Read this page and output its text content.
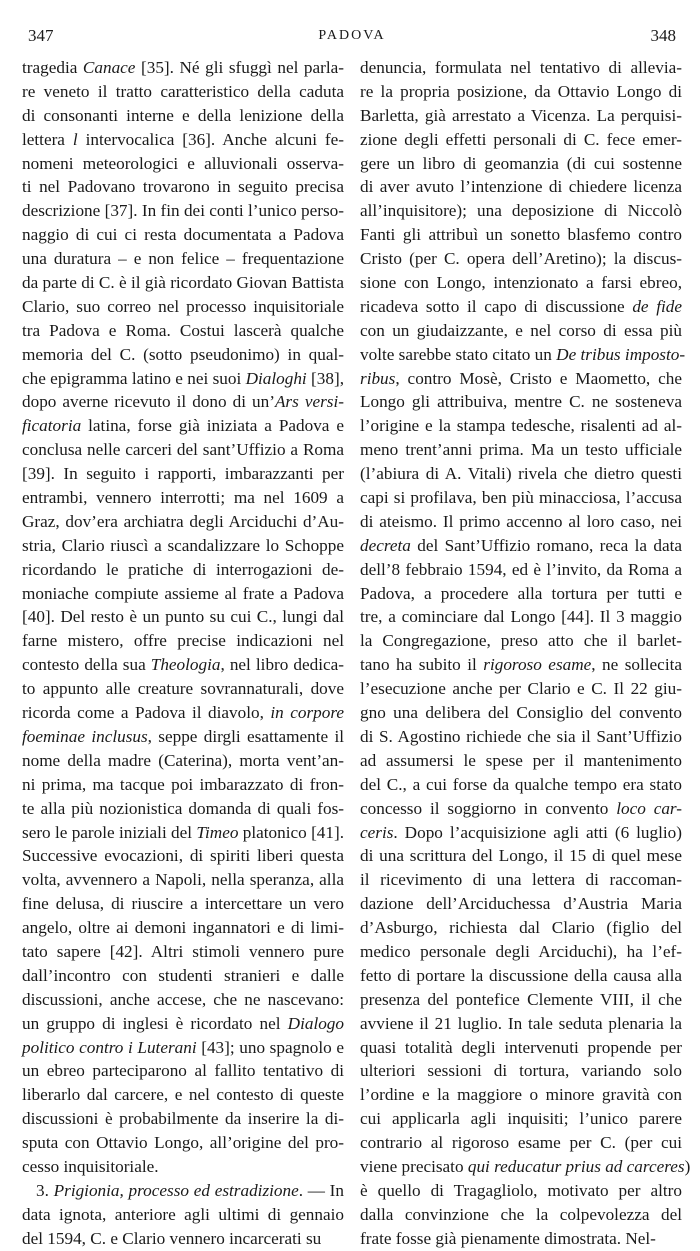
347	PADOVA	348
tragedia Canace [35]. Né gli sfuggì nel parla-
re veneto il tratto caratteristico della caduta
di consonanti interne e della lenizione della
lettera l intervocalica [36]. Anche alcuni fe-
nomeni meteorologici e alluvionali osserva-
ti nel Padovano trovarono in seguito precisa
descrizione [37]. In fin dei conti l’unico perso-
naggio di cui ci resta documentata a Padova
una duratura – e non felice – frequentazione
da parte di C. è il già ricordato Giovan Battista
Clario, suo correo nel processo inquisitoriale
tra Padova e Roma. Costui lascerà qualche
memoria del C. (sotto pseudonimo) in qual-
che epigramma latino e nei suoi Dialoghi [38],
dopo averne ricevuto il dono di un’Ars versi-
ficatoria latina, forse già iniziata a Padova e
conclusa nelle carceri del sant’Uffizio a Roma
[39]. In seguito i rapporti, imbarazzanti per
entrambi, vennero interrotti; ma nel 1609 a
Graz, dov’era archiatra degli Arciduchi d’Au-
stria, Clario riuscì a scandalizzare lo Schoppe
ricordando le pratiche di interrogazioni de-
moniache compiute assieme al frate a Padova
[40]. Del resto è un punto su cui C., lungi dal
farne mistero, offre precise indicazioni nel
contesto della sua Theologia, nel libro dedica-
to appunto alle creature sovrannaturali, dove
ricorda come a Padova il diavolo, in corpore
foeminae inclusus, seppe dirgli esattamente il
nome della madre (Caterina), morta vent’an-
ni prima, ma tacque poi imbarazzato di fron-
te alla più nozionistica domanda di quali fos-
sero le parole iniziali del Timeo platonico [41].
Successive evocazioni, di spiriti liberi questa
volta, avvennero a Napoli, nella speranza, alla
fine delusa, di riuscire a intercettare un vero
angelo, oltre ai demoni ingannatori e di limi-
tato sapere [42]. Altri stimoli vennero pure
dall’incontro con studenti stranieri e dalle
discussioni, anche accese, che ne nascevano:
un gruppo di inglesi è ricordato nel Dialogo
politico contro i Luterani [43]; uno spagnolo e
un ebreo parteciparono al fallito tentativo di
liberarlo dal carcere, e nel contesto di queste
discussioni è probabilmente da inserire la di-
sputa con Ottavio Longo, all’origine del pro-
cesso inquisitoriale.
3. Prigionia, processo ed estradizione. — In
data ignota, anteriore agli ultimi di gennaio
del 1594, C. e Clario vennero incarcerati su
denuncia, formulata nel tentativo di allevia-
re la propria posizione, da Ottavio Longo di
Barletta, già arrestato a Vicenza. La perquisi-
zione degli effetti personali di C. fece emer-
gere un libro di geomanzia (di cui sostenne
di aver avuto l’intenzione di chiedere licenza
all’inquisitore); una deposizione di Niccolò
Fanti gli attribuì un sonetto blasfemo contro
Cristo (per C. opera dell’Aretino); la discus-
sione con Longo, intenzionato a farsi ebreo,
ricadeva sotto il capo di discussione de fide
con un giudaizzante, e nel corso di essa più
volte sarebbe stato citato un De tribus imposto-
ribus, contro Mosè, Cristo e Maometto, che
Longo gli attribuiva, mentre C. ne sosteneva
l’origine e la stampa tedesche, risalenti ad al-
meno trent’anni prima. Ma un testo ufficiale
(l’abiura di A. Vitali) rivela che dietro questi
capi si profilava, ben più minacciosa, l’accusa
di ateismo. Il primo accenno al loro caso, nei
decreta del Sant’Uffizio romano, reca la data
dell’8 febbraio 1594, ed è l’invito, da Roma a
Padova, a procedere alla tortura per tutti e
tre, a cominciare dal Longo [44]. Il 3 maggio
la Congregazione, preso atto che il barlet-
tano ha subito il rigoroso esame, ne sollecita
l’esecuzione anche per Clario e C. Il 22 giu-
gno una delibera del Consiglio del convento
di S. Agostino richiede che sia il Sant’Uffizio
ad assumersi le spese per il mantenimento
del C., a cui forse da qualche tempo era stato
concesso il soggiorno in convento loco car-
ceris. Dopo l’acquisizione agli atti (6 luglio)
di una scrittura del Longo, il 15 di quel mese
il ricevimento di una lettera di raccoman-
dazione dell’Arciduchessa d’Austria Maria
d’Asburgo, richiesta dal Clario (figlio del
medico personale degli Arciduchi), ha l’ef-
fetto di portare la discussione della causa alla
presenza del pontefice Clemente VIII, il che
avviene il 21 luglio. In tale seduta plenaria la
quasi totalità degli intervenuti propende per
ulteriori sessioni di tortura, variando solo
l’ordine e la maggiore o minore gravità con
cui applicarla agli inquisiti; l’unico parere
contrario al rigoroso esame per C. (per cui
viene precisato qui reducatur prius ad carceres)
è quello di Tragagliolo, motivato per altro
dalla convinzione che la colpevolezza del
frate fosse già pienamente dimostrata. Nel-
